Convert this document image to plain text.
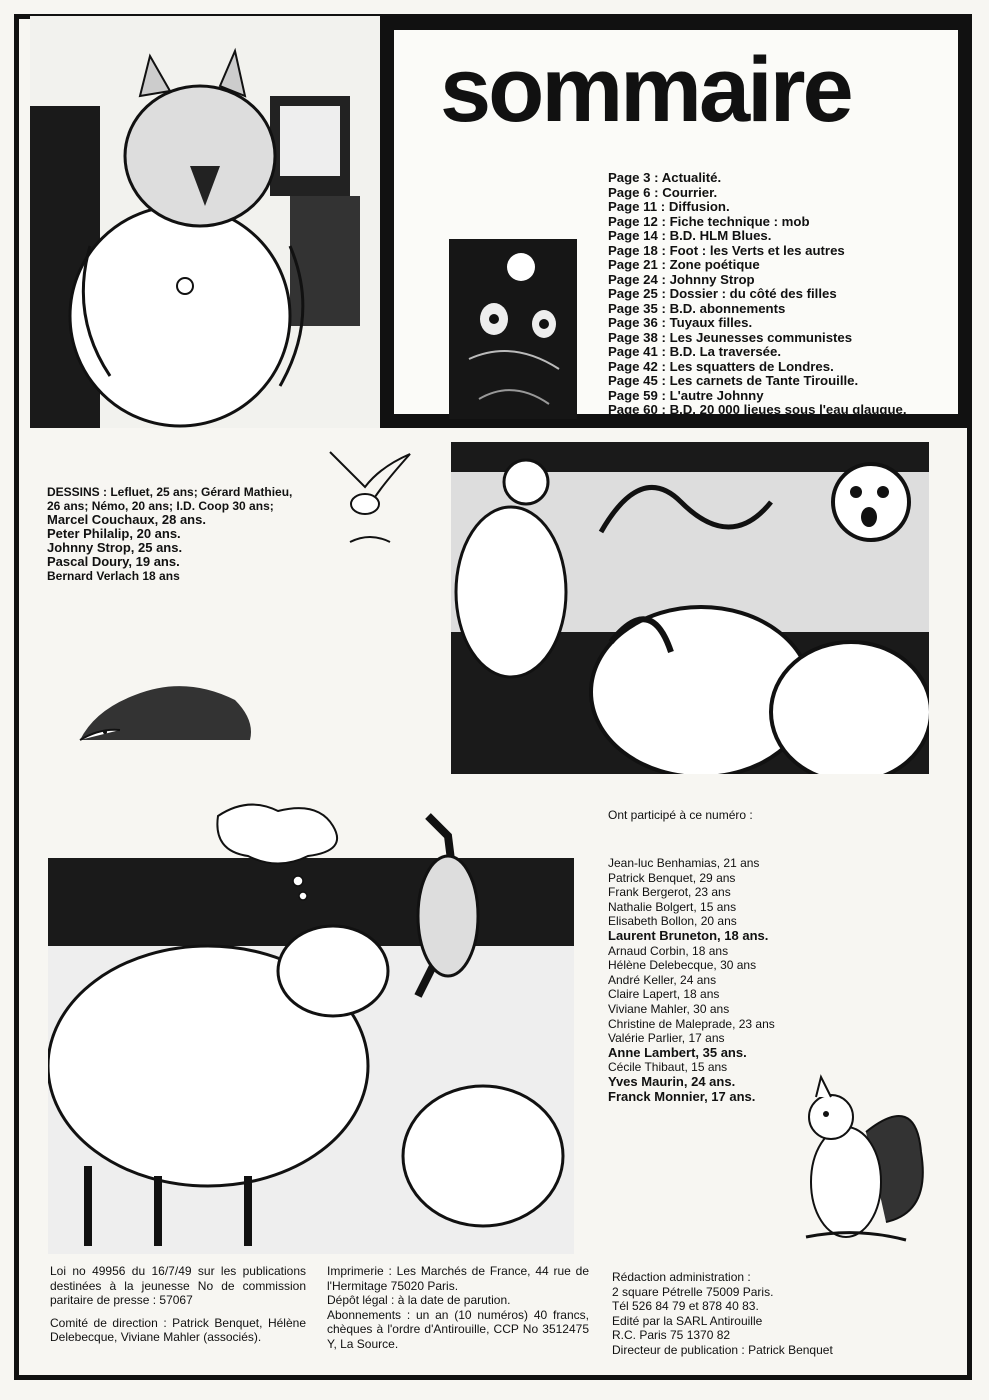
sommaire
Page 3 : Actualité.
Page 6 : Courrier.
Page 11 : Diffusion.
Page 12 : Fiche technique : mob
Page 14 : B.D. HLM Blues.
Page 18 : Foot : les Verts et les autres
Page 21 : Zone poétique
Page 24 : Johnny Strop
Page 25 : Dossier : du côté des filles
Page 35 : B.D. abonnements
Page 36 : Tuyaux filles.
Page 38 : Les Jeunesses communistes
Page 41 : B.D. La traversée.
Page 42 : Les squatters de Londres.
Page 45 : Les carnets de Tante Tirouille.
Page 59 : L'autre Johnny
Page 60 : B.D. 20 000 lieues sous l'eau glauque.
DESSINS : Lefluet, 25 ans; Gérard Mathieu,
26 ans; Némo, 20 ans; I.D. Coop 30 ans;
Marcel Couchaux, 28 ans.
Peter Philalip, 20 ans.
Johnny Strop, 25 ans.
Pascal Doury, 19 ans.
Bernard Verlach 18 ans
Ont participé à ce numéro :
Jean-luc Benhamias, 21 ans
Patrick Benquet, 29 ans
Frank Bergerot, 23 ans
Nathalie Bolgert, 15 ans
Elisabeth Bollon, 20 ans
Laurent Bruneton, 18 ans.
Arnaud Corbin, 18 ans
Hélène Delebecque, 30 ans
André Keller, 24 ans
Claire Lapert, 18 ans
Viviane Mahler, 30 ans
Christine de Maleprade, 23 ans
Valérie Parlier, 17 ans
Anne Lambert, 35 ans.
Cécile Thibaut, 15 ans
Yves Maurin, 24 ans.
Franck Monnier, 17 ans.

Loi no 49956 du 16/7/49 sur les publications destinées à la jeunesse No de commission paritaire de presse : 57067

Comité de direction : Patrick Benquet, Hélène Delebecque, Viviane Mahler (associés).

Imprimerie : Les Marchés de France, 44 rue de l'Hermitage 75020 Paris.

Dépôt légal : à la date de parution.

Abonnements : un an (10 numéros) 40 francs, chèques à l'ordre d'Antirouille, CCP No 3512475 Y, La Source.

Rédaction administration :
2 square Pétrelle 75009 Paris.
Tél 526 84 79 et 878 40 83.
Edité par la SARL Antirouille
R.C. Paris 75 1370 82
Directeur de publication : Patrick Benquet
